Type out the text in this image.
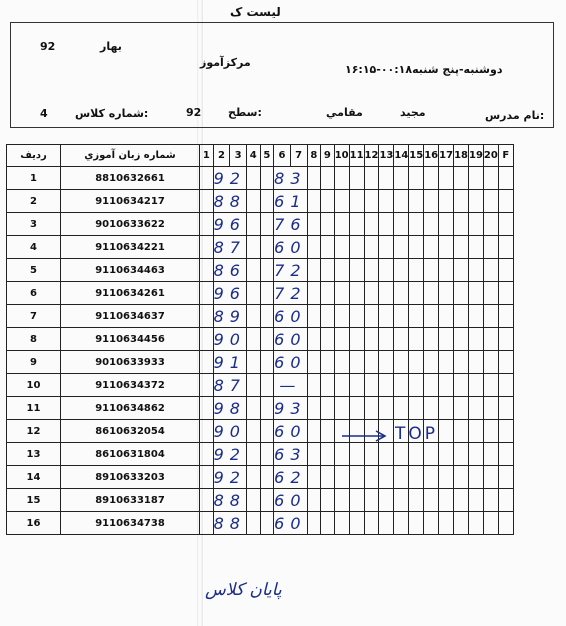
لیست ک
بهار
92
مرکزآموز
دوشنبه-پنج شنبه۰۰:۱۸-۱۶:۱۵
نام مدرس:
مجید
مقامي
سطح:
92
شماره کلاس:
4
رديف	شماره زبان آموزي	1	2	3	4	5	6	7	8	9	10	11	12	13	14	15	16	17	18	19	20	F
1	8810632661		92				83															
2	9110634217		88				61															
3	9010633622		96				76															
4	9110634221		87				60															
5	9110634463		86				72															
6	9110634261		96				72															
7	9110634637		89				60															
8	9110634456		90				60															
9	9010633933		91				60															
10	9110634372		87				—															
11	9110634862		98				93															
12	8610632054		90				60															
13	8610631804		92				63															
14	8910633203		92				62															
15	8910633187		88				60															
16	9110634738		88				60															
TOP
پایان کلاس
